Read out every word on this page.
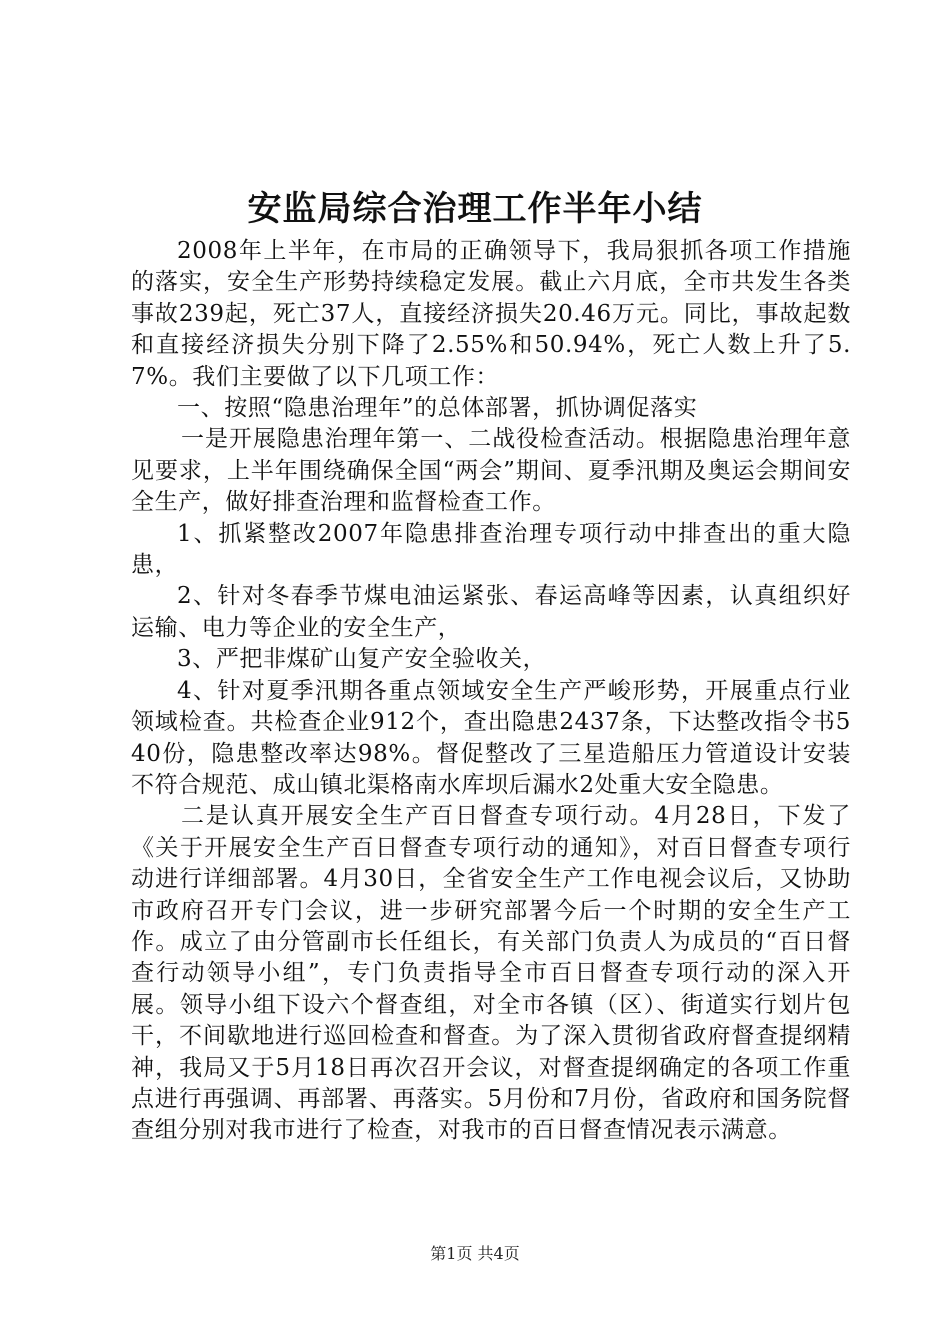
安监局综合治理工作半年小结

2008年上半年，在市局的正确领导下，我局狠抓各项工作措施的落实，安全生产形势持续稳定发展。截止六月底，全市共发生各类事故239起，死亡37人，直接经济损失20.46万元。同比，事故起数和直接经济损失分别下降了2.55%和50.94%，死亡人数上升了5.7%。我们主要做了以下几项工作：

一、按照“隐患治理年”的总体部署，抓协调促落实

一是开展隐患治理年第一、二战役检查活动。根据隐患治理年意见要求，上半年围绕确保全国“两会”期间、夏季汛期及奥运会期间安全生产，做好排查治理和监督检查工作。

1、抓紧整改2007年隐患排查治理专项行动中排查出的重大隐患，

2、针对冬春季节煤电油运紧张、春运高峰等因素，认真组织好运输、电力等企业的安全生产，

3、严把非煤矿山复产安全验收关，

4、针对夏季汛期各重点领域安全生产严峻形势，开展重点行业领域检查。共检查企业912个，查出隐患2437条，下达整改指令书540份，隐患整改率达98%。督促整改了三星造船压力管道设计安装不符合规范、成山镇北渠格南水库坝后漏水2处重大安全隐患。

二是认真开展安全生产百日督查专项行动。4月28日，下发了《关于开展安全生产百日督查专项行动的通知》，对百日督查专项行动进行详细部署。4月30日，全省安全生产工作电视会议后，又协助市政府召开专门会议，进一步研究部署今后一个时期的安全生产工作。成立了由分管副市长任组长，有关部门负责人为成员的“百日督查行动领导小组”，专门负责指导全市百日督查专项行动的深入开展。领导小组下设六个督查组，对全市各镇（区）、街道实行划片包干，不间歇地进行巡回检查和督查。为了深入贯彻省政府督查提纲精神，我局又于5月18日再次召开会议，对督查提纲确定的各项工作重点进行再强调、再部署、再落实。5月份和7月份，省政府和国务院督查组分别对我市进行了检查，对我市的百日督查情况表示满意。

第1页 共4页
